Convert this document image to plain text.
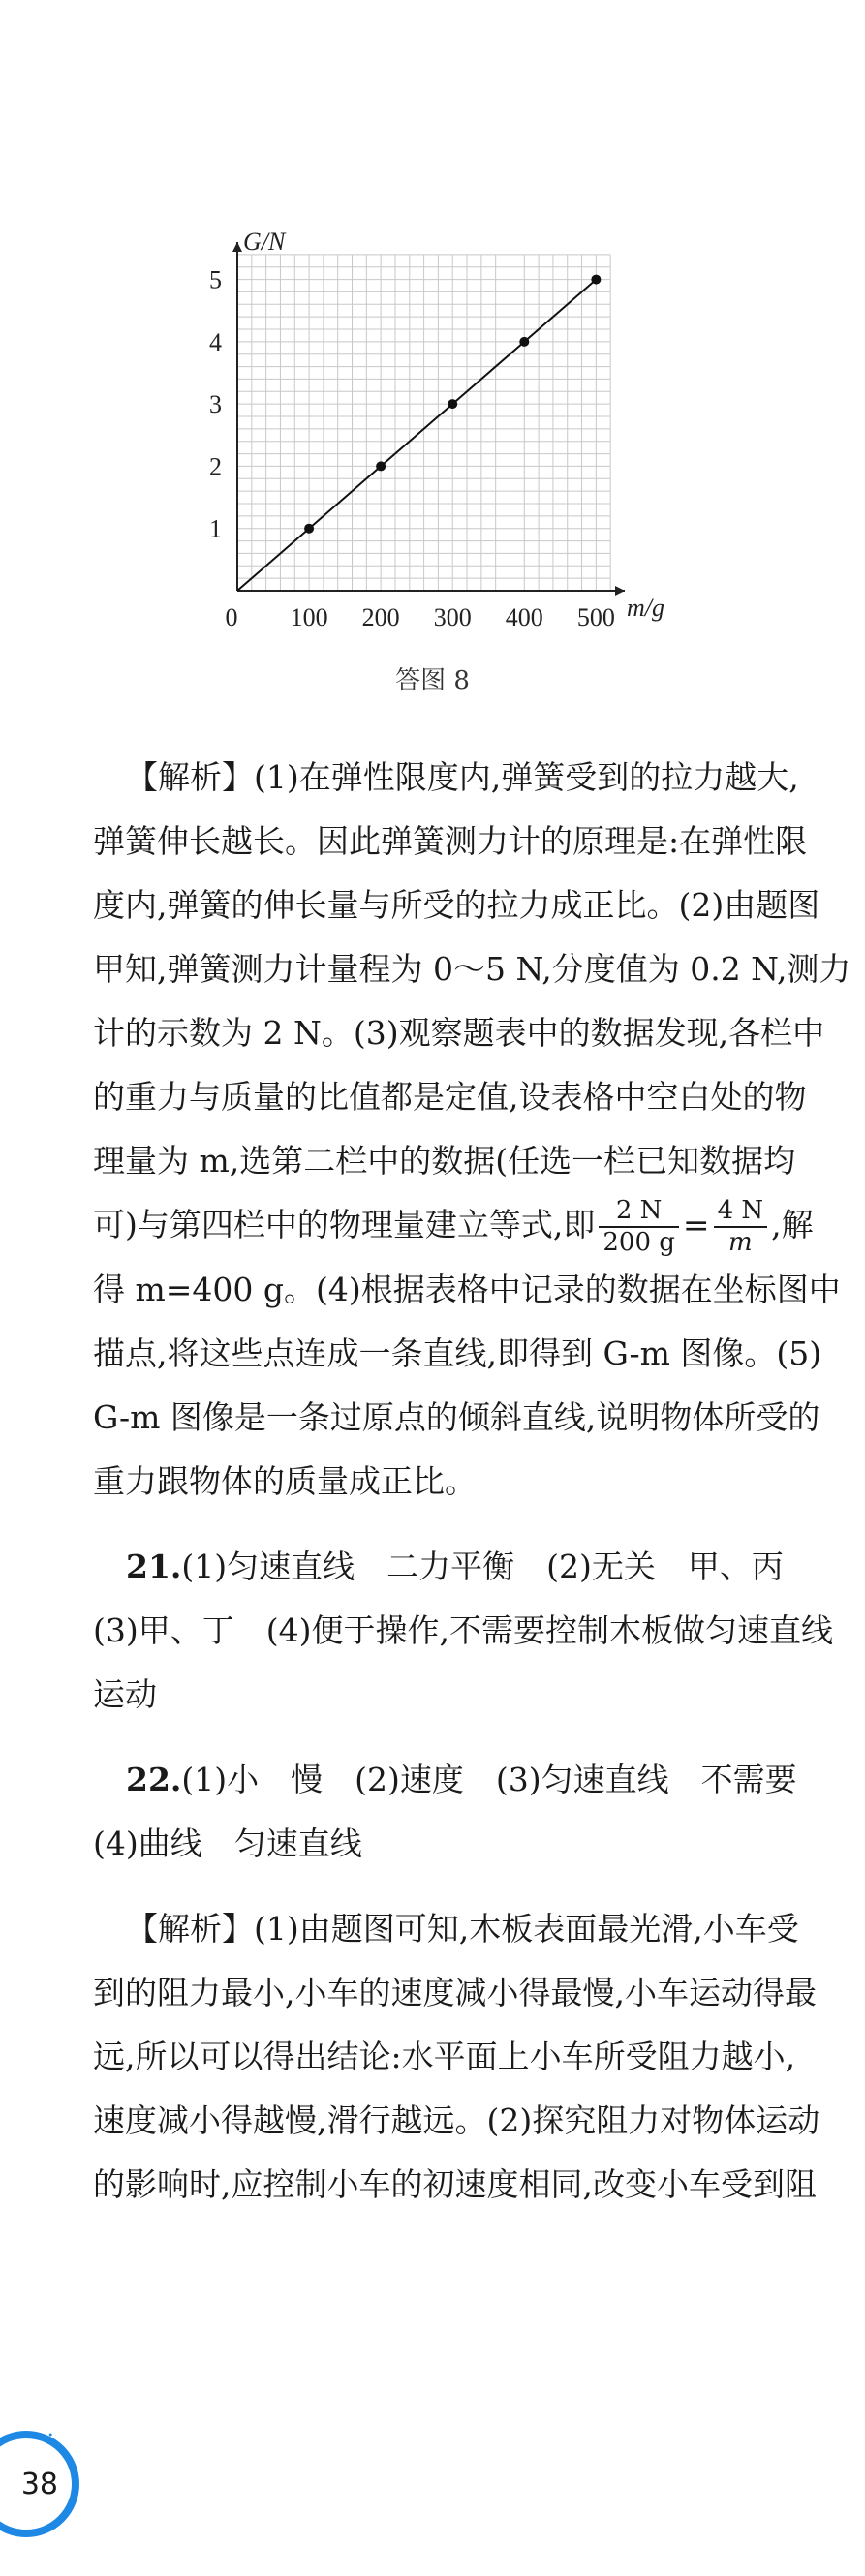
0 100 200 300 400 500
1
2
3
4
5
G/N
m/g
答图 8

【解析】(1)在弹性限度内,弹簧受到的拉力越大,
弹簧伸长越长。因此弹簧测力计的原理是:在弹性限
度内,弹簧的伸长量与所受的拉力成正比。(2)由题图
甲知,弹簧测力计量程为 0～5 N,分度值为 0.2 N,测力
计的示数为 2 N。(3)观察题表中的数据发现,各栏中
的重力与质量的比值都是定值,设表格中空白处的物
理量为 m,选第二栏中的数据(任选一栏已知数据均
可)与第四栏中的物理量建立等式,即 $\frac{2 N}{200 g} = \frac{4 N}{m}$ ,解
得 m=400 g。(4)根据表格中记录的数据在坐标图中
描点,将这些点连成一条直线,即得到 G-m 图像。(5)
G-m 图像是一条过原点的倾斜直线,说明物体所受的
重力跟物体的质量成正比。

21.(1)匀速直线　二力平衡　(2)无关　甲、丙
(3)甲、丁　(4)便于操作,不需要控制木板做匀速直线
运动

22.(1)小　慢　(2)速度　(3)匀速直线　不需要
(4)曲线　匀速直线

【解析】(1)由题图可知,木板表面最光滑,小车受
到的阻力最小,小车的速度减小得最慢,小车运动得最
远,所以可以得出结论:水平面上小车所受阻力越小,
速度减小得越慢,滑行越远。(2)探究阻力对物体运动
的影响时,应控制小车的初速度相同,改变小车受到阻

• • • •
38
